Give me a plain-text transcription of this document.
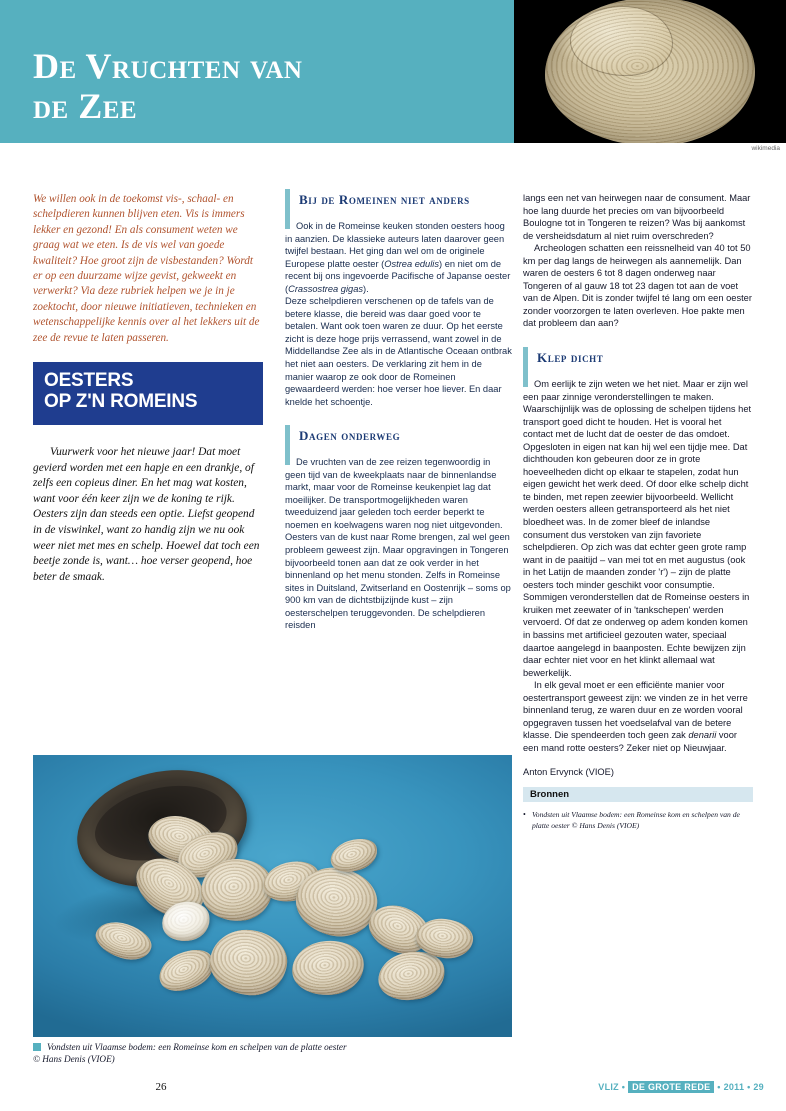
De Vruchten van
de Zee
wikimedia
We willen ook in de toekomst vis-, schaal- en schelpdieren kunnen blijven eten. Vis is immers lekker en gezond! En als consument weten we graag wat we eten. Is de vis wel van goede kwaliteit? Hoe groot zijn de visbestanden? Wordt er op een duurzame wijze gevist, gekweekt en verwerkt? Via deze rubriek helpen we je in je zoektocht, door nieuwe initiatieven, technieken en wetenschappelijke kennis over al het lekkers uit de zee de revue te laten passeren.
OESTERS
OP Z'N ROMEINS
Vuurwerk voor het nieuwe jaar! Dat moet gevierd worden met een hapje en een drankje, of zelfs een copieus diner. En het mag wat kosten, want voor één keer zijn we de koning te rijk. Oesters zijn dan steeds een optie. Liefst geopend in de viswinkel, want zo handig zijn we nu ook weer niet met mes en schelp. Hoewel dat toch een beetje zonde is, want… hoe verser geopend, hoe beter de smaak.
Bij de Romeinen niet anders

Ook in de Romeinse keuken stonden oesters hoog in aanzien. De klassieke auteurs laten daarover geen twijfel bestaan. Het ging dan wel om de originele Europese platte oester (Ostrea edulis) en niet om de recent bij ons ingevoerde Pacifische of Japanse oester (Crassostrea gigas).

Deze schelpdieren verschenen op de tafels van de betere klasse, die bereid was daar goed voor te betalen. Want ook toen waren ze duur. Op het eerste zicht is deze hoge prijs verrassend, want zowel in de Middellandse Zee als in de Atlantische Oceaan ontbrak het niet aan oesters. De verklaring zit hem in de manier waarop ze ook door de Romeinen gewaardeerd werden: hoe verser hoe liever. En daar knelde het schoentje.

Dagen onderweg

De vruchten van de zee reizen tegenwoordig in geen tijd van de kweekplaats naar de binnenlandse markt, maar voor de Romeinse keukenpiet lag dat moeilijker. De transportmogelijkheden waren tweeduizend jaar geleden toch eerder beperkt te noemen en koelwagens waren nog niet uitgevonden. Oesters van de kust naar Rome brengen, zal wel geen probleem geweest zijn. Maar opgravingen in Tongeren bijvoorbeeld tonen aan dat ze ook verder in het binnenland op het menu stonden. Zelfs in Romeinse sites in Duitsland, Zwitserland en Oostenrijk – soms op 900 km van de dichtstbijzijnde kust – zijn oesterschelpen teruggevonden. De schelpdieren reisden

langs een net van heirwegen naar de consument. Maar hoe lang duurde het precies om van bijvoorbeeld Boulogne tot in Tongeren te reizen? Was bij aankomst de versheidsdatum al niet ruim overschreden?

Archeologen schatten een reissnelheid van 40 tot 50 km per dag langs de heirwegen als aannemelijk. Dan waren de oesters 6 tot 8 dagen onderweg naar Tongeren of al gauw 18 tot 23 dagen tot aan de voet van de Alpen. Dit is zonder twijfel té lang om een oester zonder voorzorgen te laten overleven. Hoe pakte men dat probleem dan aan?

Klep dicht

Om eerlijk te zijn weten we het niet. Maar er zijn wel een paar zinnige veronderstellingen te maken. Waarschijnlijk was de oplossing de schelpen tijdens het transport goed dicht te houden. Het is vooral het contact met de lucht dat de oester de das omdoet. Opgesloten in eigen nat kan hij wel een tijdje mee. Dat dichthouden kon gebeuren door ze in grote hoeveelheden dicht op elkaar te stapelen, zodat hun eigen gewicht het werk deed. Of door elke schelp dicht te binden, met repen zeewier bijvoorbeeld. Wellicht werden oesters alleen getransporteerd als het niet bloedheet was. In de zomer bleef de inlandse consument dus verstoken van zijn favoriete schelpdieren. Op zich was dat echter geen grote ramp want in de paaitijd – van mei tot en met augustus (ook in het Latijn de maanden zonder 'r') – zijn de platte oesters toch minder geschikt voor consumptie. Sommigen veronderstellen dat de Romeinse oesters in kruiken met zeewater of in 'tankschepen' werden vervoerd. Of dat ze onderweg op adem konden komen in bassins met artificieel gezouten water, speciaal daartoe aangelegd in baanposten. Echte bewijzen zijn daar echter niet voor en het klinkt allemaal wat bewerkelijk.

In elk geval moet er een efficiënte manier voor oestertransport geweest zijn: we vinden ze in het verre binnenland terug, ze waren duur en ze worden vooral opgegraven tussen het voedselafval van de betere klasse. Die spendeerden toch geen zak denarii voor een mand rotte oesters? Zeker niet op Nieuwjaar.

Anton Ervynck (VIOE)
Bronnen
• Vondsten uit Vlaamse bodem: een Romeinse kom en schelpen van de platte oester © Hans Denis (VIOE)
Vondsten uit Vlaamse bodem: een Romeinse kom en schelpen van de platte oester
© Hans Denis (VIOE)
26	VLIZ • DE GROTE REDE • 2011 • 29
